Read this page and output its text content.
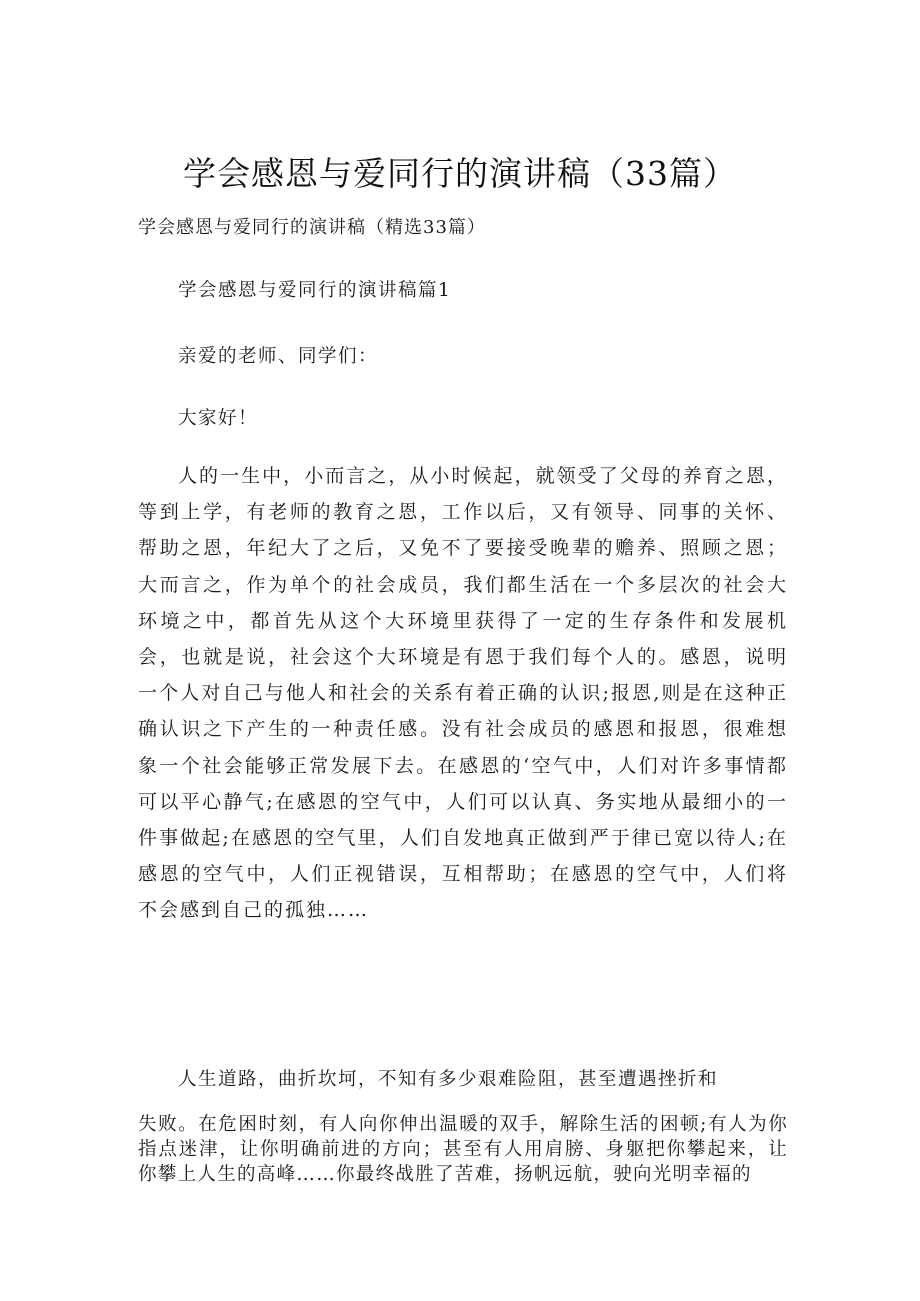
学会感恩与爱同行的演讲稿（33篇）
学会感恩与爱同行的演讲稿（精选33篇）
学会感恩与爱同行的演讲稿篇1
亲爱的老师、同学们：
大家好！
人的一生中，小而言之，从小时候起，就领受了父母的养育之恩，等到上学，有老师的教育之恩，工作以后，又有领导、同事的关怀、帮助之恩，年纪大了之后，又免不了要接受晚辈的赡养、照顾之恩；大而言之，作为单个的社会成员，我们都生活在一个多层次的社会大环境之中，都首先从这个大环境里获得了一定的生存条件和发展机会，也就是说，社会这个大环境是有恩于我们每个人的。感恩，说明一个人对自己与他人和社会的关系有着正确的认识;报恩,则是在这种正确认识之下产生的一种责任感。没有社会成员的感恩和报恩，很难想象一个社会能够正常发展下去。在感恩的‘空气中，人们对许多事情都可以平心静气;在感恩的空气中，人们可以认真、务实地从最细小的一件事做起;在感恩的空气里，人们自发地真正做到严于律已宽以待人;在感恩的空气中，人们正视错误，互相帮助；在感恩的空气中，人们将不会感到自己的孤独……
人生道路，曲折坎坷，不知有多少艰难险阻，甚至遭遇挫折和
失败。在危困时刻，有人向你伸出温暖的双手，解除生活的困顿;有人为你指点迷津，让你明确前进的方向；甚至有人用肩膀、身躯把你攀起来，让你攀上人生的高峰……你最终战胜了苦难，扬帆远航，驶向光明幸福的
